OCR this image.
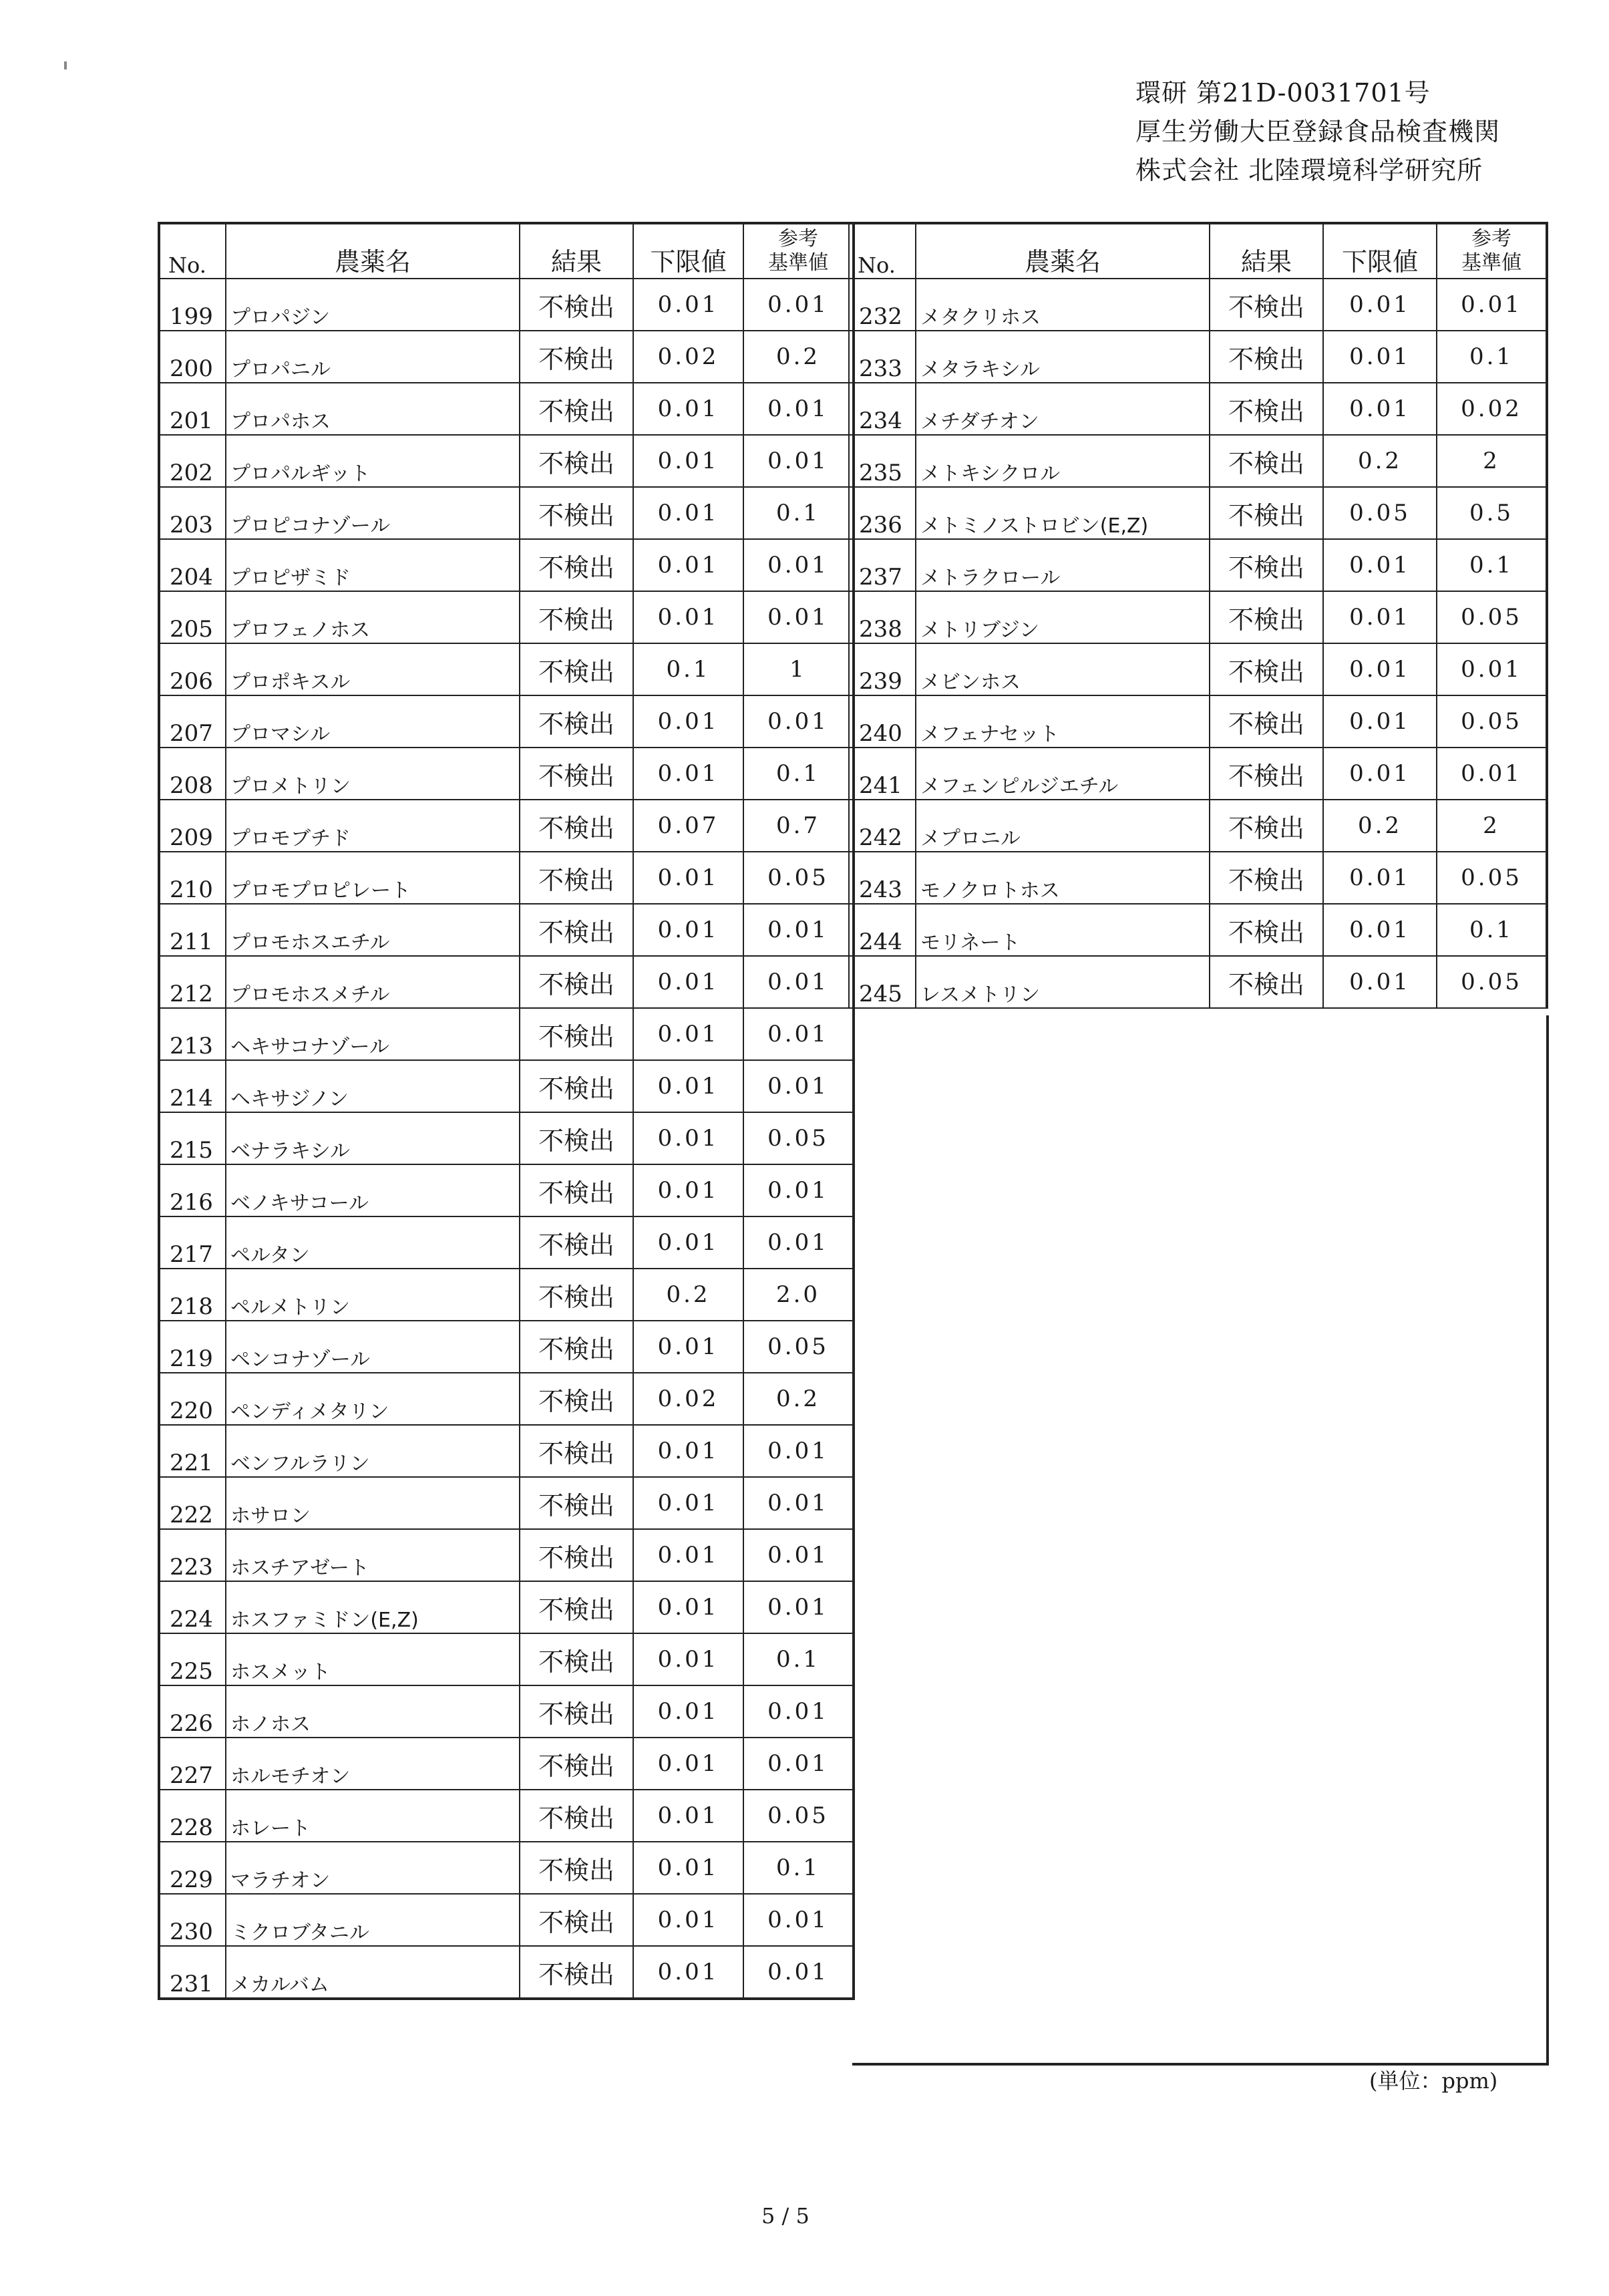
環研 第21D-0031701号
厚生労働大臣登録食品検査機関
株式会社 北陸環境科学研究所
No.	農薬名	結果	下限値	参考
基準値

199	プロパジン	不検出	0.01	0.01
200	プロパニル	不検出	0.02	0.2
201	プロパホス	不検出	0.01	0.01
202	プロパルギット	不検出	0.01	0.01
203	プロピコナゾール	不検出	0.01	0.1
204	プロピザミド	不検出	0.01	0.01
205	プロフェノホス	不検出	0.01	0.01
206	プロポキスル	不検出	0.1	1
207	プロマシル	不検出	0.01	0.01
208	プロメトリン	不検出	0.01	0.1
209	プロモブチド	不検出	0.07	0.7
210	プロモプロピレート	不検出	0.01	0.05
211	プロモホスエチル	不検出	0.01	0.01
212	プロモホスメチル	不検出	0.01	0.01
213	ヘキサコナゾール	不検出	0.01	0.01
214	ヘキサジノン	不検出	0.01	0.01
215	ベナラキシル	不検出	0.01	0.05
216	ベノキサコール	不検出	0.01	0.01
217	ペルタン	不検出	0.01	0.01
218	ペルメトリン	不検出	0.2	2.0
219	ペンコナゾール	不検出	0.01	0.05
220	ペンディメタリン	不検出	0.02	0.2
221	ベンフルラリン	不検出	0.01	0.01
222	ホサロン	不検出	0.01	0.01
223	ホスチアゼート	不検出	0.01	0.01
224	ホスファミドン(E,Z)	不検出	0.01	0.01
225	ホスメット	不検出	0.01	0.1
226	ホノホス	不検出	0.01	0.01
227	ホルモチオン	不検出	0.01	0.01
228	ホレート	不検出	0.01	0.05
229	マラチオン	不検出	0.01	0.1
230	ミクロブタニル	不検出	0.01	0.01
231	メカルバム	不検出	0.01	0.01
No.	農薬名	結果	下限値	参考
基準値

232	メタクリホス	不検出	0.01	0.01
233	メタラキシル	不検出	0.01	0.1
234	メチダチオン	不検出	0.01	0.02
235	メトキシクロル	不検出	0.2	2
236	メトミノストロビン(E,Z)	不検出	0.05	0.5
237	メトラクロール	不検出	0.01	0.1
238	メトリブジン	不検出	0.01	0.05
239	メビンホス	不検出	0.01	0.01
240	メフェナセット	不検出	0.01	0.05
241	メフェンピルジエチル	不検出	0.01	0.01
242	メプロニル	不検出	0.2	2
243	モノクロトホス	不検出	0.01	0.05
244	モリネート	不検出	0.01	0.1
245	レスメトリン	不検出	0.01	0.05
(単位：ppm)
5 / 5
